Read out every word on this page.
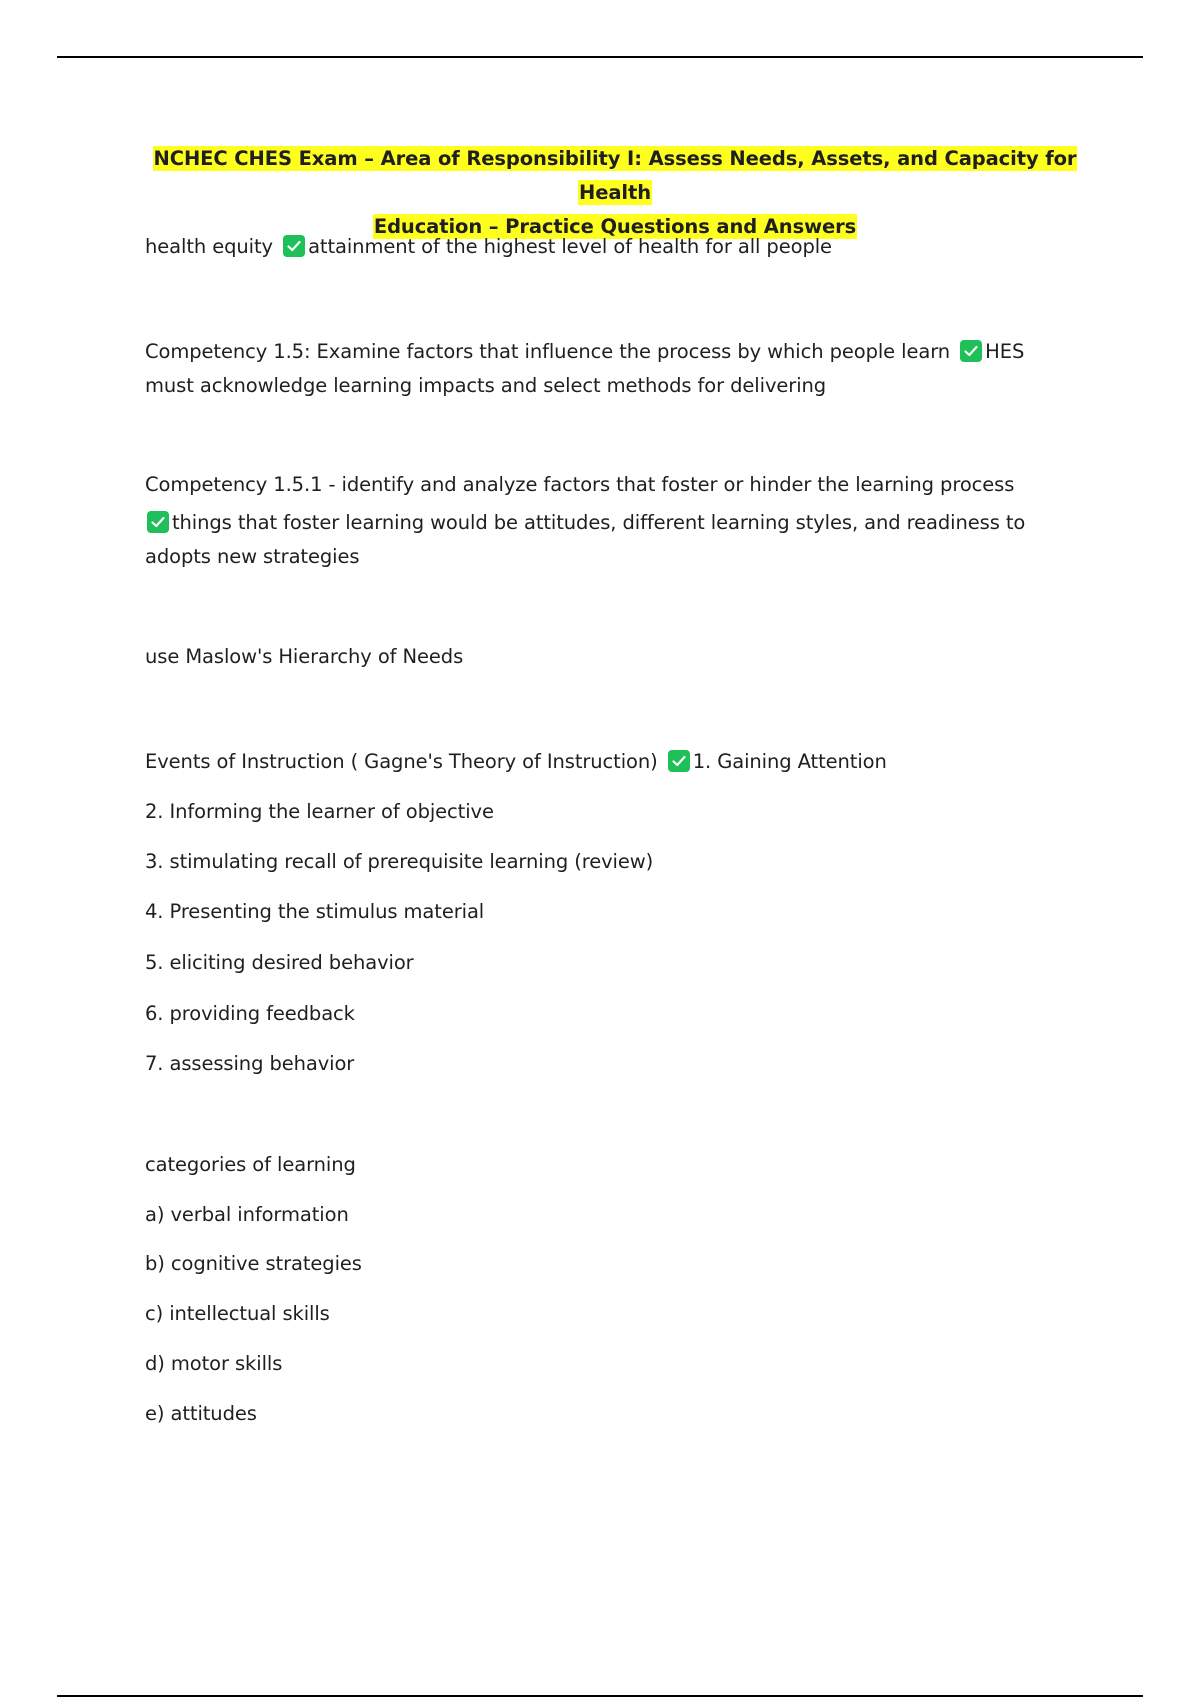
NCHEC CHES Exam – Area of Responsibility I: Assess Needs, Assets, and Capacity for Health
Education – Practice Questions and Answers
health equity attainment of the highest level of health for all people
Competency 1.5: Examine factors that influence the process by which people learn HES
must acknowledge learning impacts and select methods for delivering
Competency 1.5.1 - identify and analyze factors that foster or hinder the learning process
things that foster learning would be attitudes, different learning styles, and readiness to
adopts new strategies
use Maslow's Hierarchy of Needs
Events of Instruction ( Gagne's Theory of Instruction) 1. Gaining Attention
2. Informing the learner of objective
3. stimulating recall of prerequisite learning (review)
4. Presenting the stimulus material
5. eliciting desired behavior
6. providing feedback
7. assessing behavior
categories of learning
a) verbal information
b) cognitive strategies
c) intellectual skills
d) motor skills
e) attitudes
